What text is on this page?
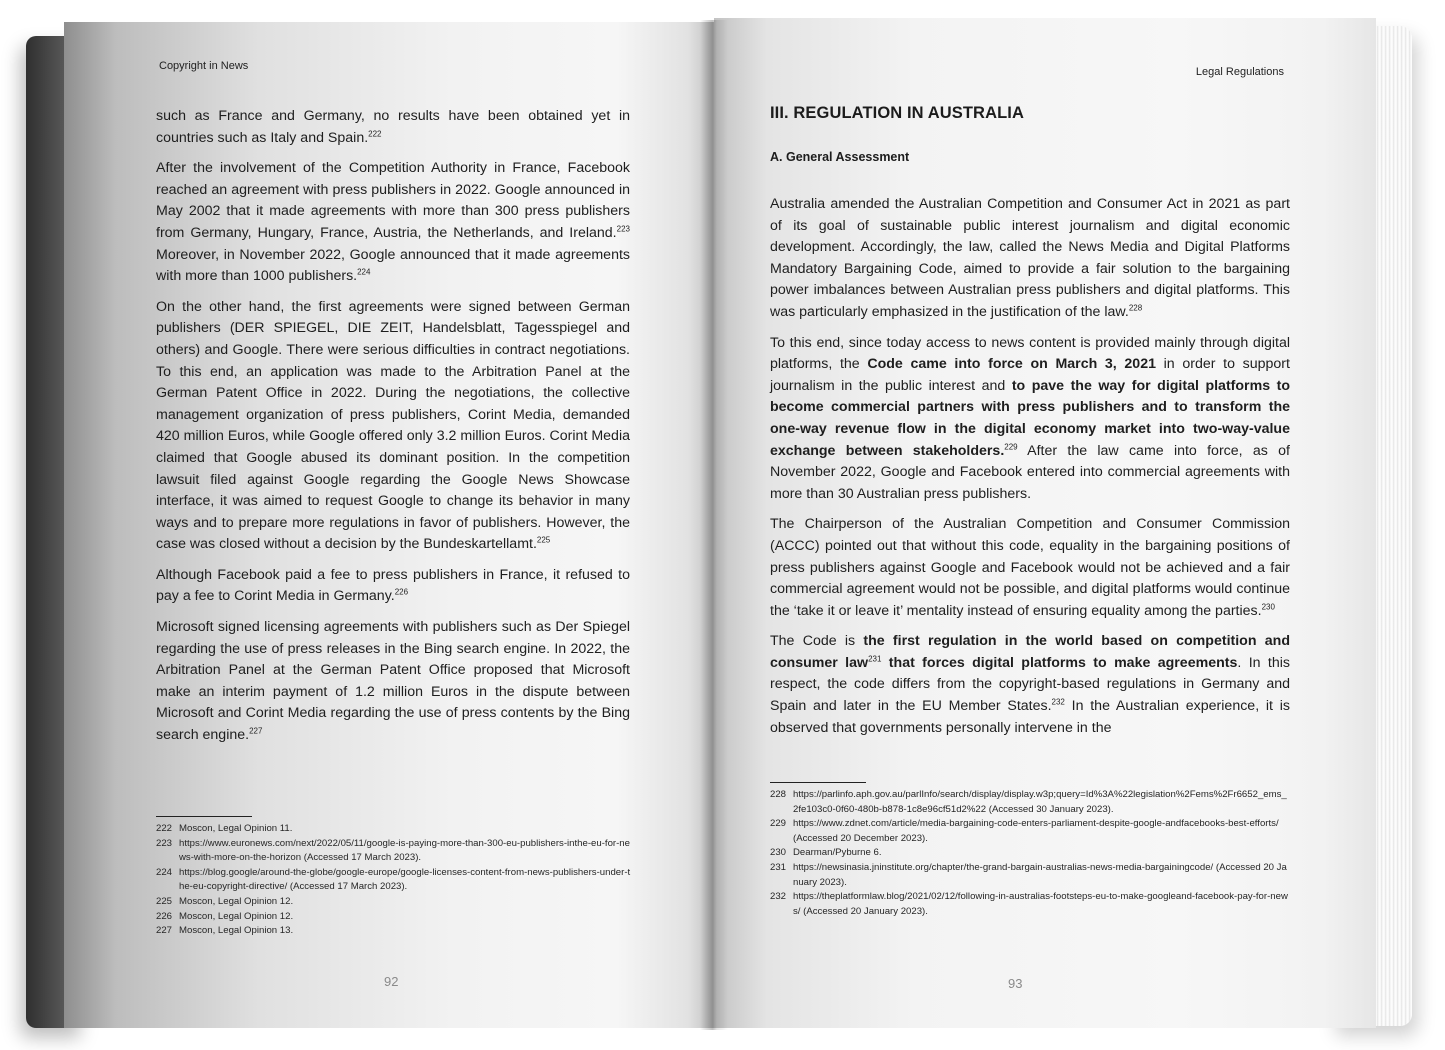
Copyright in News

such as France and Germany, no results have been obtained yet in countries such as Italy and Spain.$^{222}$

After the involvement of the Competition Authority in France, Facebook reached an agreement with press publishers in 2022. Google announced in May 2002 that it made agreements with more than 300 press publishers from Germany, Hungary, France, Austria, the Netherlands, and Ireland.$^{223}$ Moreover, in November 2022, Google announced that it made agreements with more than 1000 publishers.$^{224}$

On the other hand, the first agreements were signed between German publishers (DER SPIEGEL, DIE ZEIT, Handelsblatt, Tagesspiegel and others) and Google. There were serious difficulties in contract negotiations. To this end, an application was made to the Arbitration Panel at the German Patent Office in 2022. During the negotiations, the collective management organization of press publishers, Corint Media, demanded 420 million Euros, while Google offered only 3.2 million Euros. Corint Media claimed that Google abused its dominant position. In the competition lawsuit filed against Google regarding the Google News Showcase interface, it was aimed to request Google to change its behavior in many ways and to prepare more regulations in favor of publishers. However, the case was closed without a decision by the Bundeskartellamt.$^{225}$

Although Facebook paid a fee to press publishers in France, it refused to pay a fee to Corint Media in Germany.$^{226}$

Microsoft signed licensing agreements with publishers such as Der Spiegel regarding the use of press releases in the Bing search engine. In 2022, the Arbitration Panel at the German Patent Office proposed that Microsoft make an interim payment of 1.2 million Euros in the dispute between Microsoft and Corint Media regarding the use of press contents by the Bing search engine.$^{227}$

222 Moscon, Legal Opinion 11.
223 https://www.euronews.com/next/2022/05/11/google-is-paying-more-than-300-eu-publishers-inthe-eu-for-news-with-more-on-the-horizon (Accessed 17 March 2023).
224 https://blog.google/around-the-globe/google-europe/google-licenses-content-from-news-publishers-under-the-eu-copyright-directive/ (Accessed 17 March 2023).
225 Moscon, Legal Opinion 12.
226 Moscon, Legal Opinion 12.
227 Moscon, Legal Opinion 13.
92
Legal Regulations
III. REGULATION IN AUSTRALIA
A. General Assessment

Australia amended the Australian Competition and Consumer Act in 2021 as part of its goal of sustainable public interest journalism and digital economic development. Accordingly, the law, called the News Media and Digital Platforms Mandatory Bargaining Code, aimed to provide a fair solution to the bargaining power imbalances between Australian press publishers and digital platforms. This was particularly emphasized in the justification of the law.$^{228}$

To this end, since today access to news content is provided mainly through digital platforms, the Code came into force on March 3, 2021 in order to support journalism in the public interest and to pave the way for digital platforms to become commercial partners with press publishers and to transform the one-way revenue flow in the digital economy market into two-way-value exchange between stakeholders.$^{229}$ After the law came into force, as of November 2022, Google and Facebook entered into commercial agreements with more than 30 Australian press publishers.

The Chairperson of the Australian Competition and Consumer Commission (ACCC) pointed out that without this code, equality in the bargaining positions of press publishers against Google and Facebook would not be achieved and a fair commercial agreement would not be possible, and digital platforms would continue the ‘take it or leave it’ mentality instead of ensuring equality among the parties.$^{230}$

The Code is the first regulation in the world based on competition and consumer law$^{231}$ that forces digital platforms to make agreements. In this respect, the code differs from the copyright-based regulations in Germany and Spain and later in the EU Member States.$^{232}$ In the Australian experience, it is observed that governments personally intervene in the

228 https://parlinfo.aph.gov.au/parlInfo/search/display/display.w3p;query=Id%3A%22legislation%2Fems%2Fr6652_ems_2fe103c0-0f60-480b-b878-1c8e96cf51d2%22 (Accessed 30 January 2023).
229 https://www.zdnet.com/article/media-bargaining-code-enters-parliament-despite-google-andfacebooks-best-efforts/ (Accessed 20 December 2023).
230 Dearman/Pyburne 6.
231 https://newsinasia.jninstitute.org/chapter/the-grand-bargain-australias-news-media-bargainingcode/ (Accessed 20 January 2023).
232 https://theplatformlaw.blog/2021/02/12/following-in-australias-footsteps-eu-to-make-googleand-facebook-pay-for-news/ (Accessed 20 January 2023).
93
